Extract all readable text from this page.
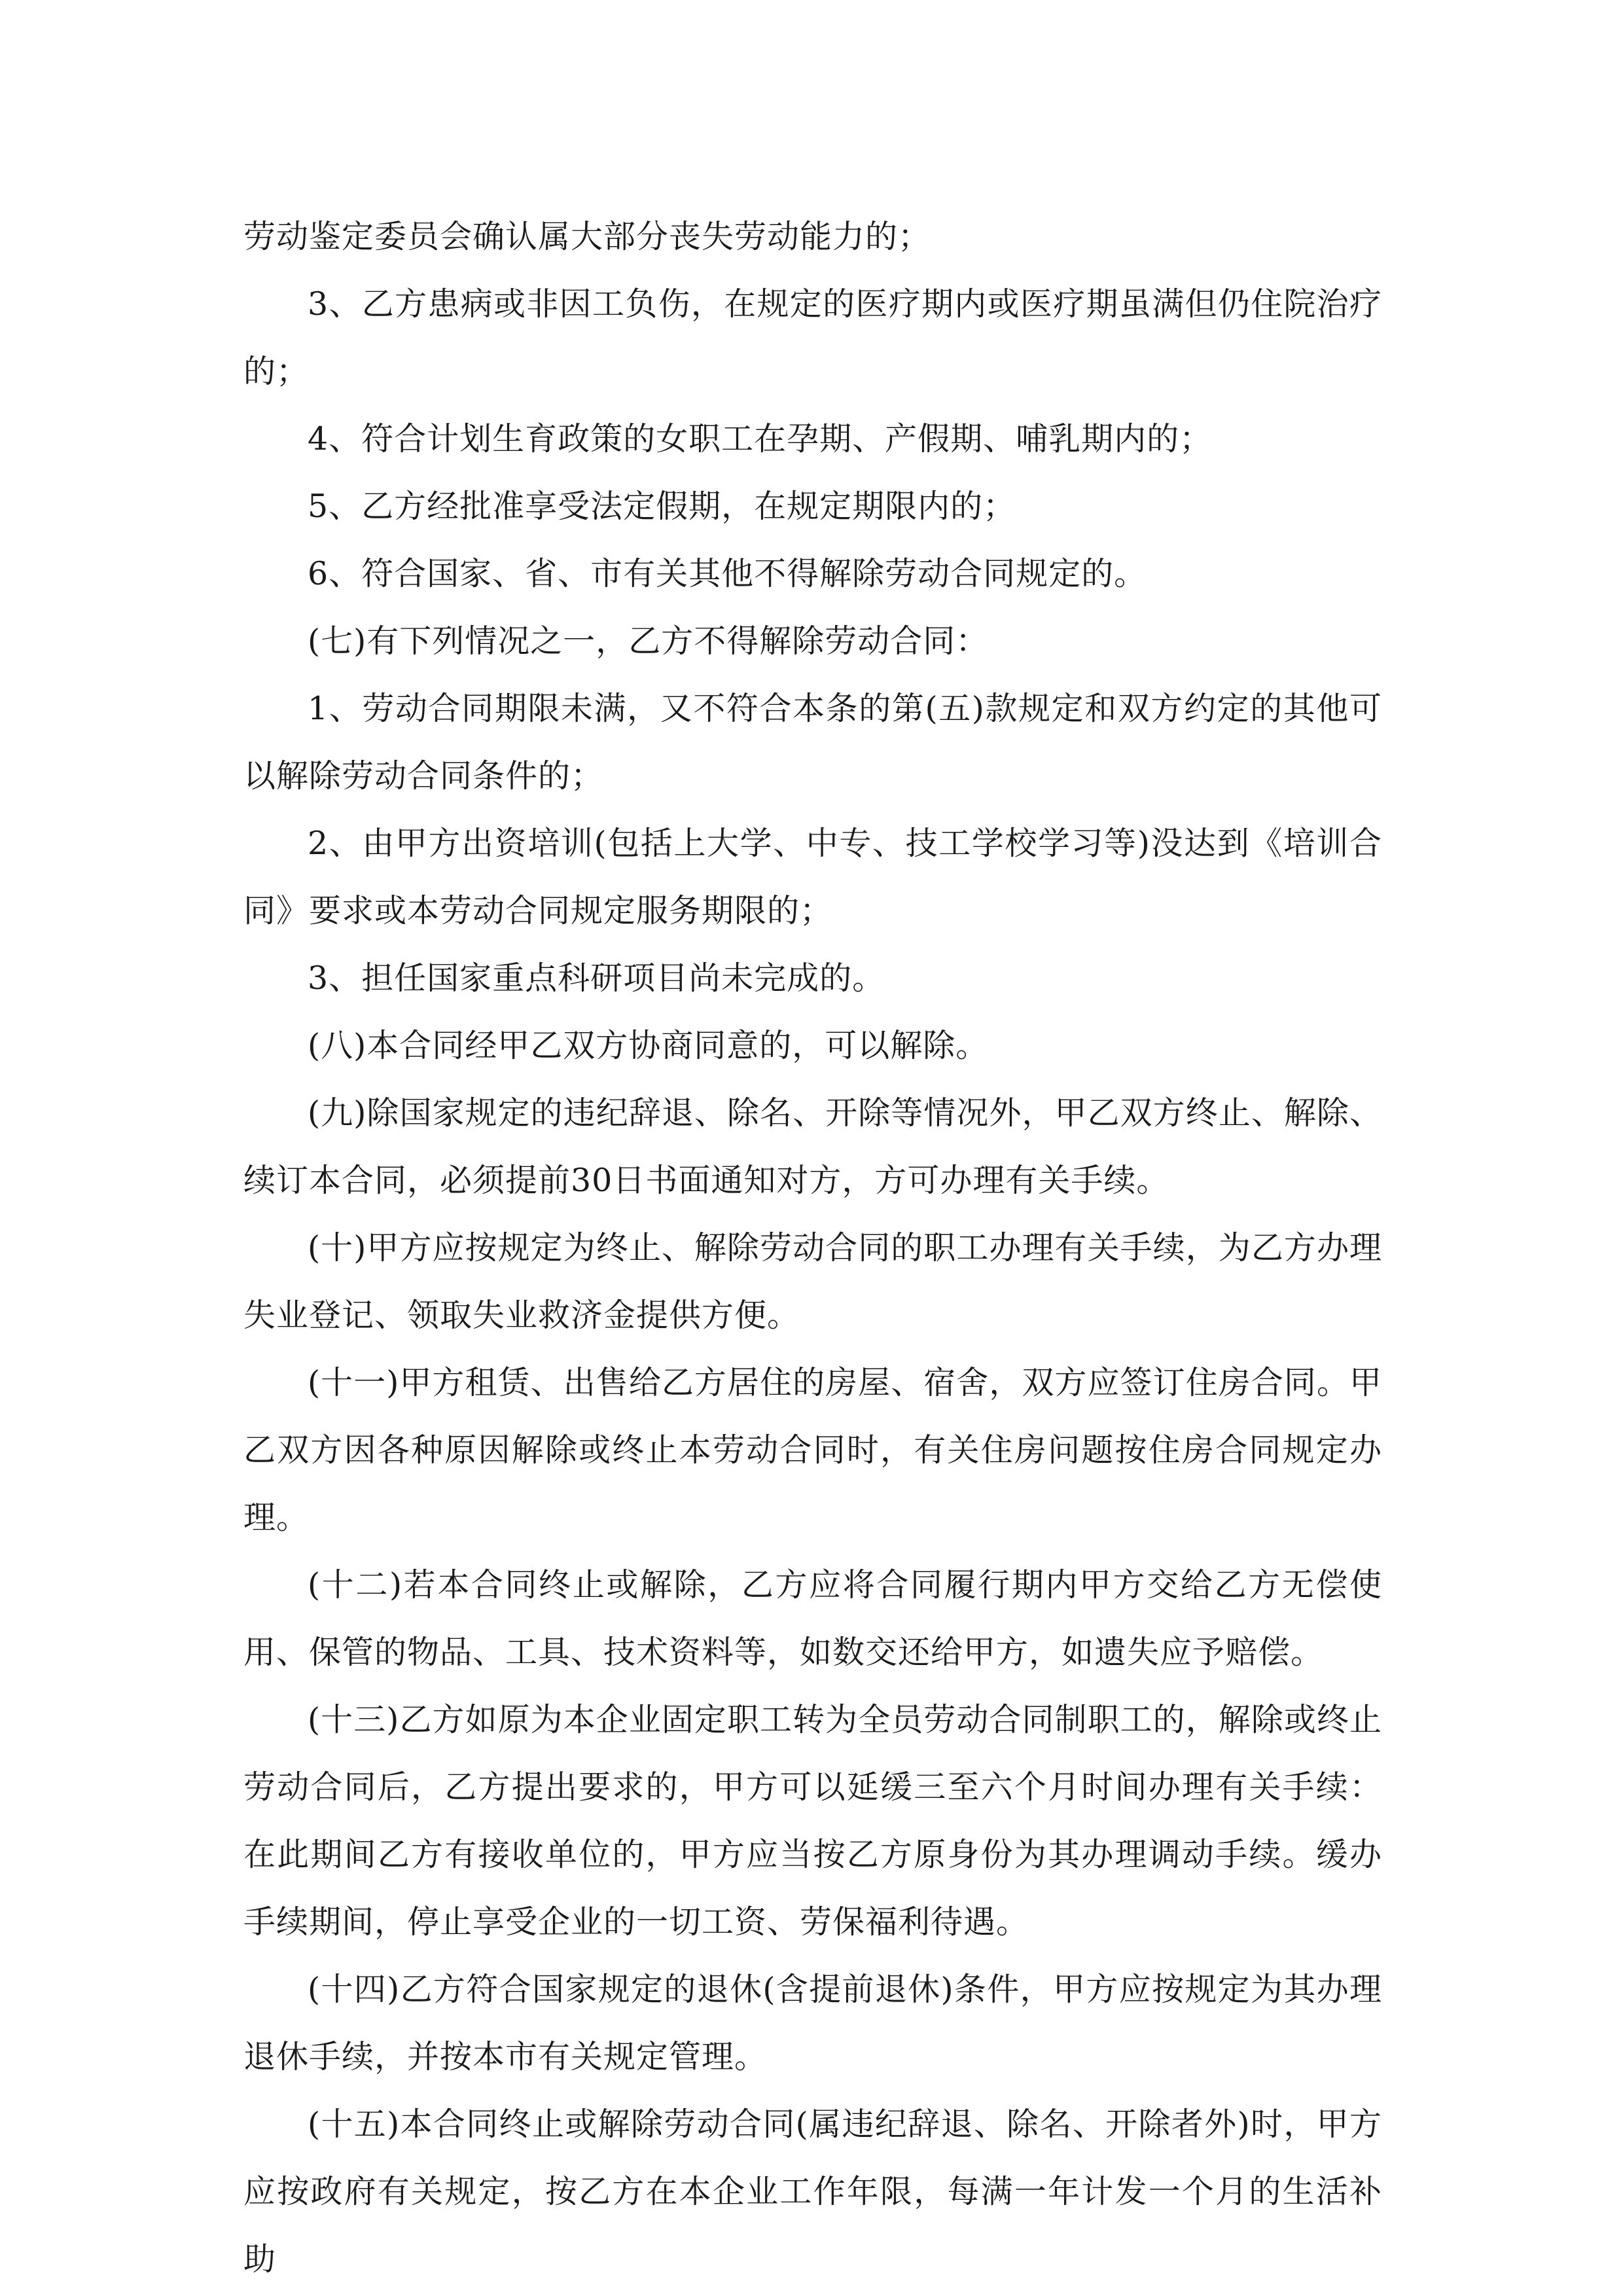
劳动鉴定委员会确认属大部分丧失劳动能力的；

3、乙方患病或非因工负伤，在规定的医疗期内或医疗期虽满但仍住院治疗的；

4、符合计划生育政策的女职工在孕期、产假期、哺乳期内的；

5、乙方经批准享受法定假期，在规定期限内的；

6、符合国家、省、市有关其他不得解除劳动合同规定的。

(七)有下列情况之一，乙方不得解除劳动合同：

1、劳动合同期限未满，又不符合本条的第(五)款规定和双方约定的其他可以解除劳动合同条件的；

2、由甲方出资培训(包括上大学、中专、技工学校学习等)没达到《培训合同》要求或本劳动合同规定服务期限的；

3、担任国家重点科研项目尚未完成的。

(八)本合同经甲乙双方协商同意的，可以解除。

(九)除国家规定的违纪辞退、除名、开除等情况外，甲乙双方终止、解除、续订本合同，必须提前30日书面通知对方，方可办理有关手续。

(十)甲方应按规定为终止、解除劳动合同的职工办理有关手续，为乙方办理失业登记、领取失业救济金提供方便。

(十一)甲方租赁、出售给乙方居住的房屋、宿舍，双方应签订住房合同。甲乙双方因各种原因解除或终止本劳动合同时，有关住房问题按住房合同规定办理。

(十二)若本合同终止或解除，乙方应将合同履行期内甲方交给乙方无偿使用、保管的物品、工具、技术资料等，如数交还给甲方，如遗失应予赔偿。

(十三)乙方如原为本企业固定职工转为全员劳动合同制职工的，解除或终止劳动合同后，乙方提出要求的，甲方可以延缓三至六个月时间办理有关手续：在此期间乙方有接收单位的，甲方应当按乙方原身份为其办理调动手续。缓办手续期间，停止享受企业的一切工资、劳保福利待遇。

(十四)乙方符合国家规定的退休(含提前退休)条件，甲方应按规定为其办理退休手续，并按本市有关规定管理。

(十五)本合同终止或解除劳动合同(属违纪辞退、除名、开除者外)时，甲方应按政府有关规定，按乙方在本企业工作年限，每满一年计发一个月的生活补助
